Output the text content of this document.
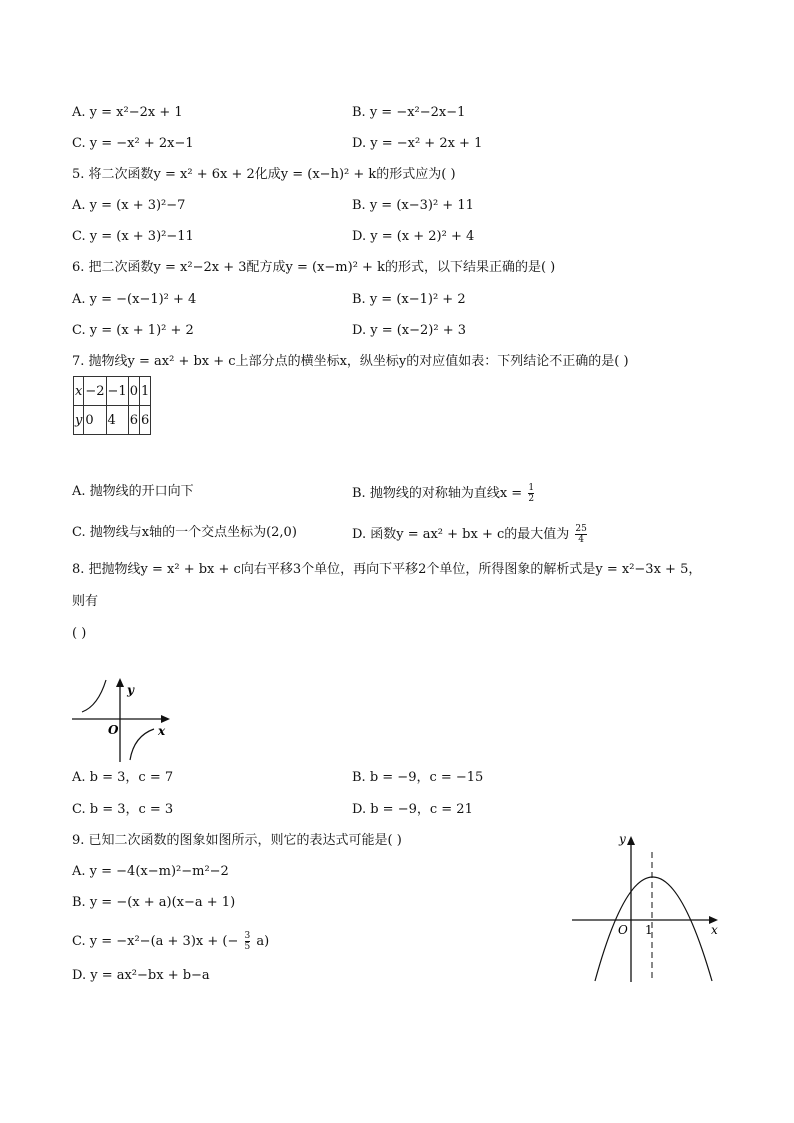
A. y = x²−2x + 1	B. y = −x²−2x−1
C. y = −x² + 2x−1	D. y = −x² + 2x + 1
5. 将二次函数y = x² + 6x + 2化成y = (x−h)² + k的形式应为( )
A. y = (x + 3)²−7	B. y = (x−3)² + 11
C. y = (x + 3)²−11	D. y = (x + 2)² + 4
6. 把二次函数y = x²−2x + 3配方成y = (x−m)² + k的形式，以下结果正确的是( )
A. y = −(x−1)² + 4	B. y = (x−1)² + 2
C. y = (x + 1)² + 2	D. y = (x−2)² + 3
7. 抛物线y = ax² + bx + c上部分点的横坐标x，纵坐标y的对应值如表：下列结论不正确的是( )
x	−2	−1	0	1
y	0	4	6	6
A. 抛物线的开口向下	B. 抛物线的对称轴为直线$x = \frac{1}{2}$
C. 抛物线与x轴的一个交点坐标为(2,0)	D. 函数y = ax² + bx + c的最大值为 $\frac{25}{4}$
8. 把抛物线y = x² + bx + c向右平移3个单位，再向下平移2个单位，所得图象的解析式是y = x²−3x + 5，
则有
( )
y
x
O
A. b = 3，c = 7	B. b = −9，c = −15
C. b = 3，c = 3	D. b = −9，c = 21
9. 已知二次函数的图象如图所示，则它的表达式可能是( )
A. y = −4(x−m)²−m²−2
B. y = −(x + a)(x−a + 1)
C. y = −x²−(a + 3)x + (− $\frac{3}{5} a$)
D. y = ax²−bx + b−a
y
x
O 1
